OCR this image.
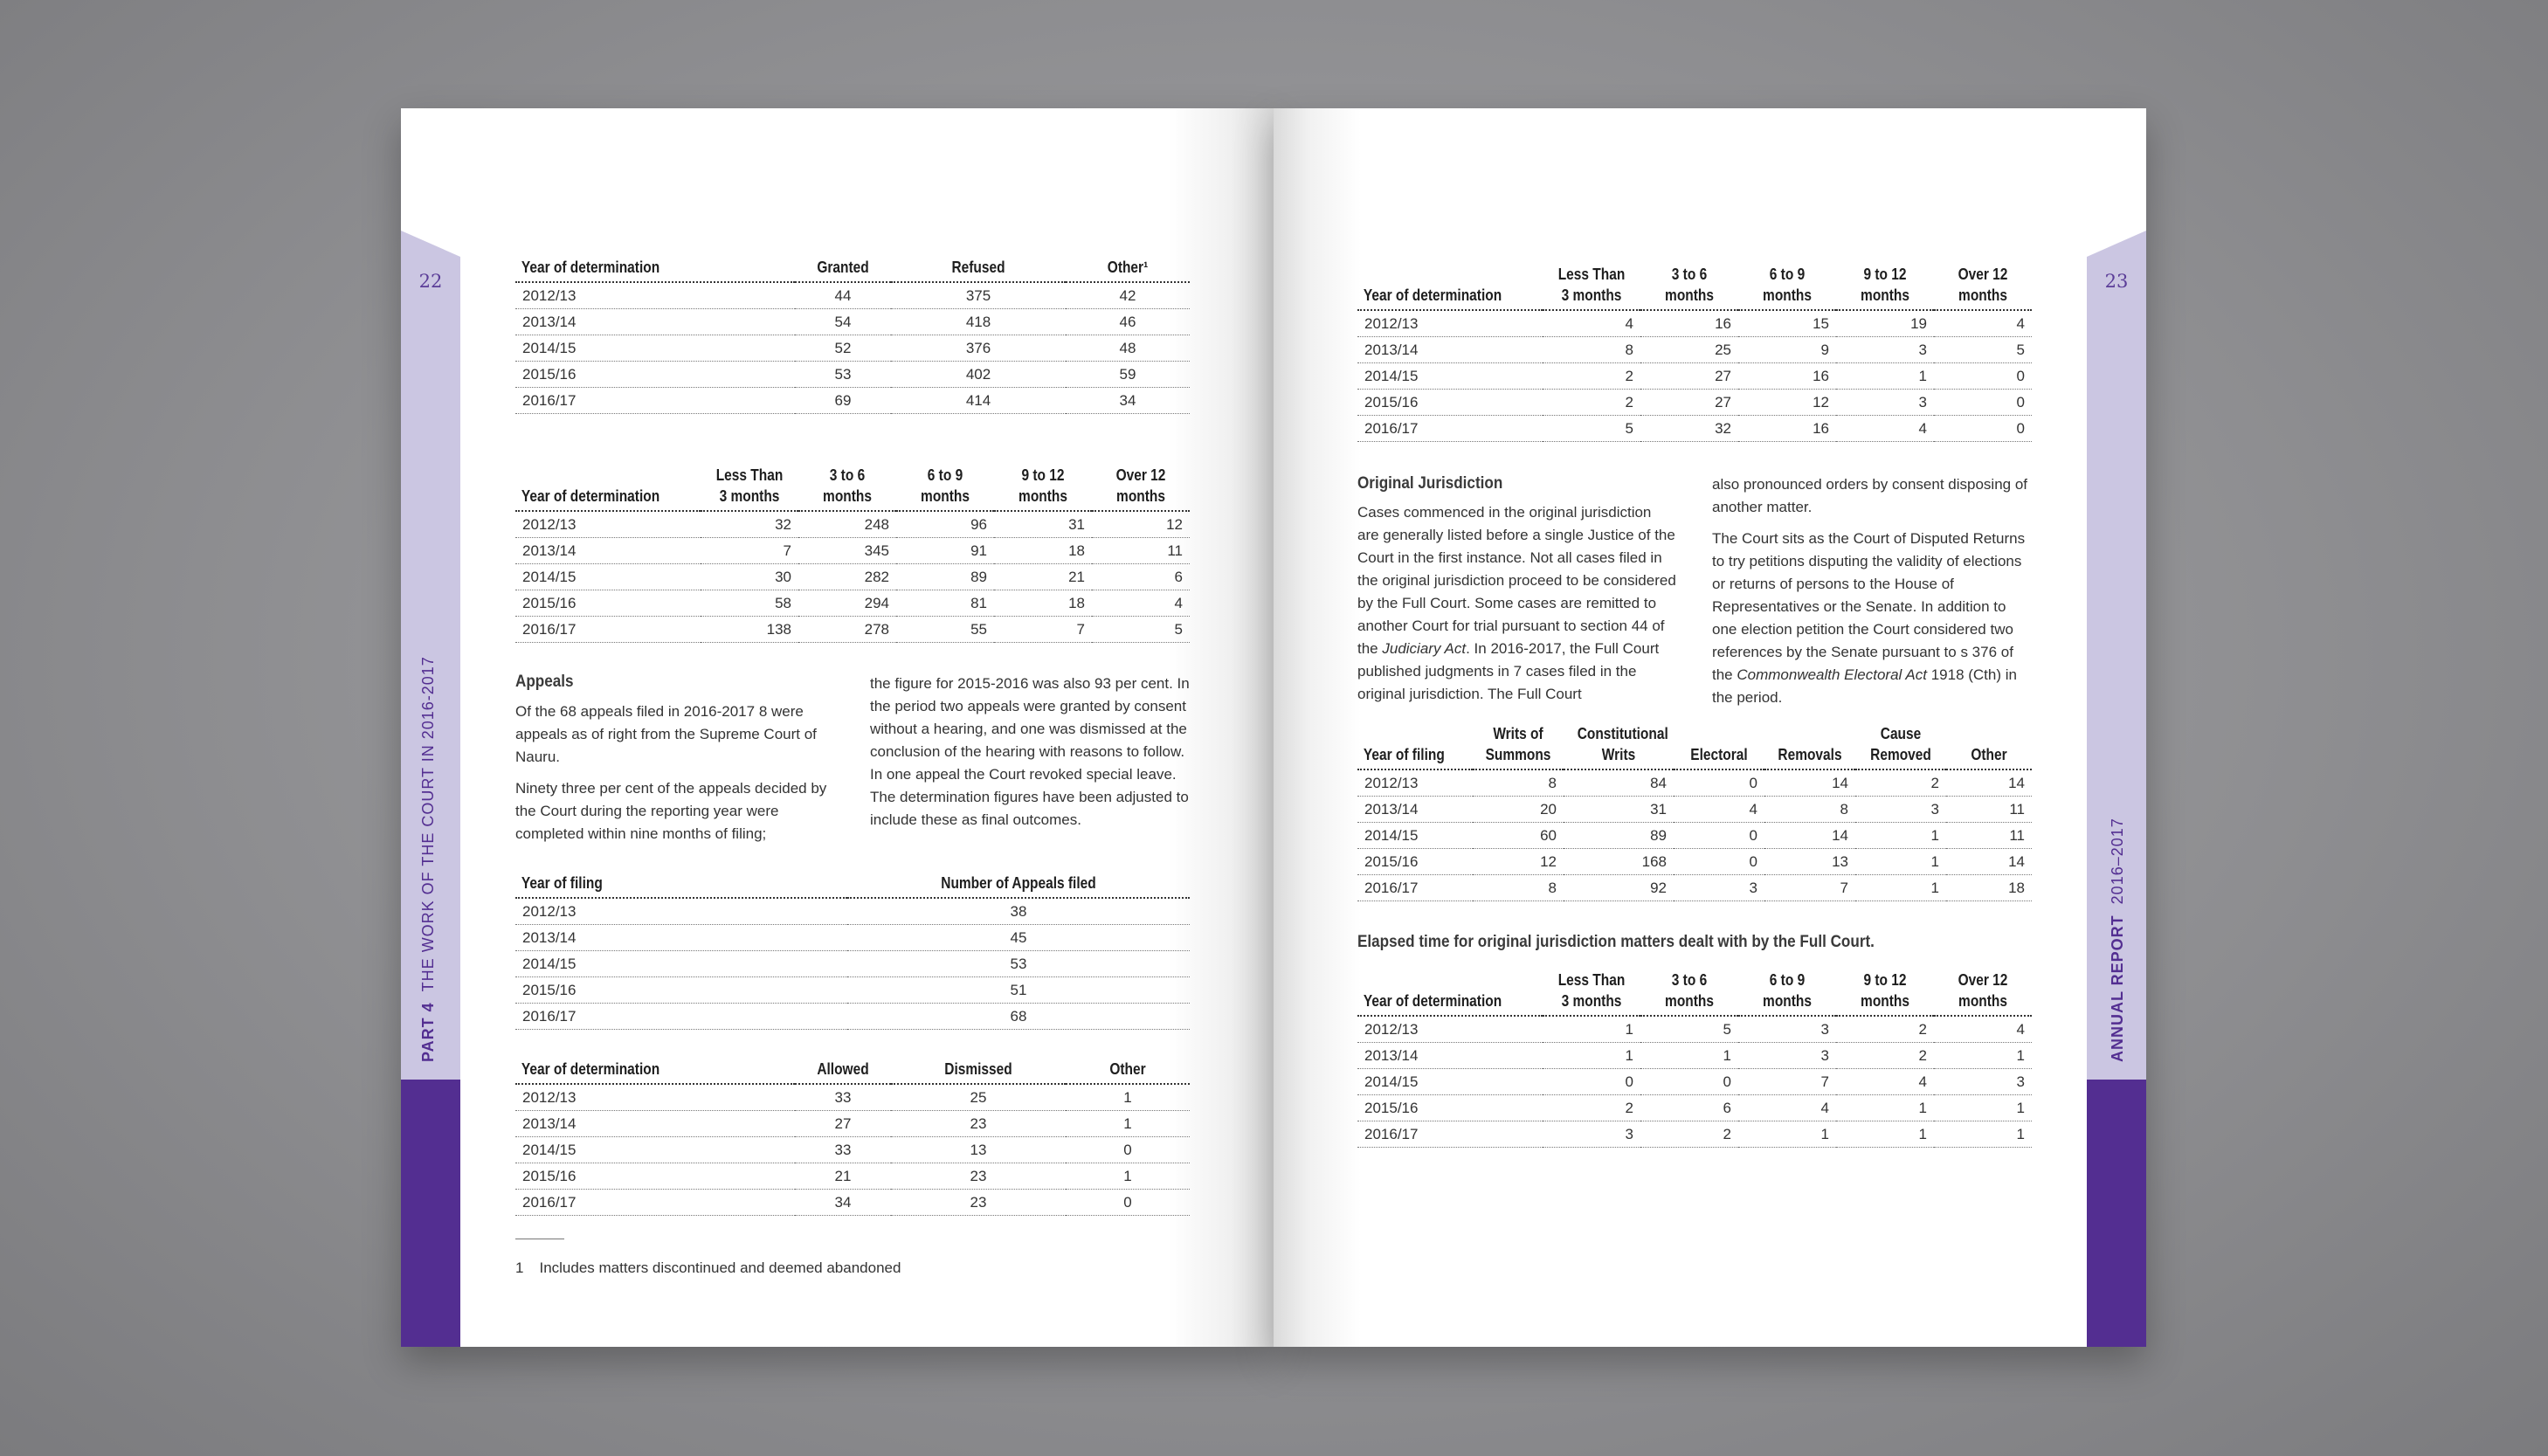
22
PART 4THE WORK OF THE COURT IN 2016-2017
23
ANNUAL REPORT2016–2017
Year of determination	Granted	Refused	Other¹
2012/13	44	375	42
2013/14	54	418	46
2014/15	52	376	48
2015/16	53	402	59
2016/17	69	414	34
Year of determination	Less Than 3 months	3 to 6 months	6 to 9 months	9 to 12 months	Over 12 months
2012/13	32	248	96	31	12
2013/14	7	345	91	18	11
2014/15	30	282	89	21	6
2015/16	58	294	81	18	4
2016/17	138	278	55	7	5
Appeals

Of the 68 appeals filed in 2016-2017 8 were appeals as of right from the Supreme Court of Nauru.

Ninety three per cent of the appeals decided by the Court during the reporting year were completed within nine months of filing;

the figure for 2015-2016 was also 93 per cent. In the period two appeals were granted by consent without a hearing, and one was dismissed at the conclusion of the hearing with reasons to follow. In one appeal the Court revoked special leave. The determination figures have been adjusted to include these as final outcomes.

Year of filing	Number of Appeals filed
2012/13	38
2013/14	45
2014/15	53
2015/16	51
2016/17	68
Year of determination	Allowed	Dismissed	Other
2012/13	33	25	1
2013/14	27	23	1
2014/15	33	13	0
2015/16	21	23	1
2016/17	34	23	0
1 Includes matters discontinued and deemed abandoned
Year of determination	Less Than 3 months	3 to 6 months	6 to 9 months	9 to 12 months	Over 12 months
2012/13	4	16	15	19	4
2013/14	8	25	9	3	5
2014/15	2	27	16	1	0
2015/16	2	27	12	3	0
2016/17	5	32	16	4	0
Original Jurisdiction

Cases commenced in the original jurisdiction are generally listed before a single Justice of the Court in the first instance. Not all cases filed in the original jurisdiction proceed to be considered by the Full Court. Some cases are remitted to another Court for trial pursuant to section 44 of the Judiciary Act. In 2016-2017, the Full Court published judgments in 7 cases filed in the original jurisdiction. The Full Court

also pronounced orders by consent disposing of another matter.

The Court sits as the Court of Disputed Returns to try petitions disputing the validity of elections or returns of persons to the House of Representatives or the Senate. In addition to one election petition the Court considered two references by the Senate pursuant to s 376 of the Commonwealth Electoral Act 1918 (Cth) in the period.

Year of filing	Writs of Summons	Constitutional Writs	Electoral	Removals	Cause Removed	Other
2012/13	8	84	0	14	2	14
2013/14	20	31	4	8	3	11
2014/15	60	89	0	14	1	11
2015/16	12	168	0	13	1	14
2016/17	8	92	3	7	1	18
Elapsed time for original jurisdiction matters dealt with by the Full Court.
Year of determination	Less Than 3 months	3 to 6 months	6 to 9 months	9 to 12 months	Over 12 months
2012/13	1	5	3	2	4
2013/14	1	1	3	2	1
2014/15	0	0	7	4	3
2015/16	2	6	4	1	1
2016/17	3	2	1	1	1
